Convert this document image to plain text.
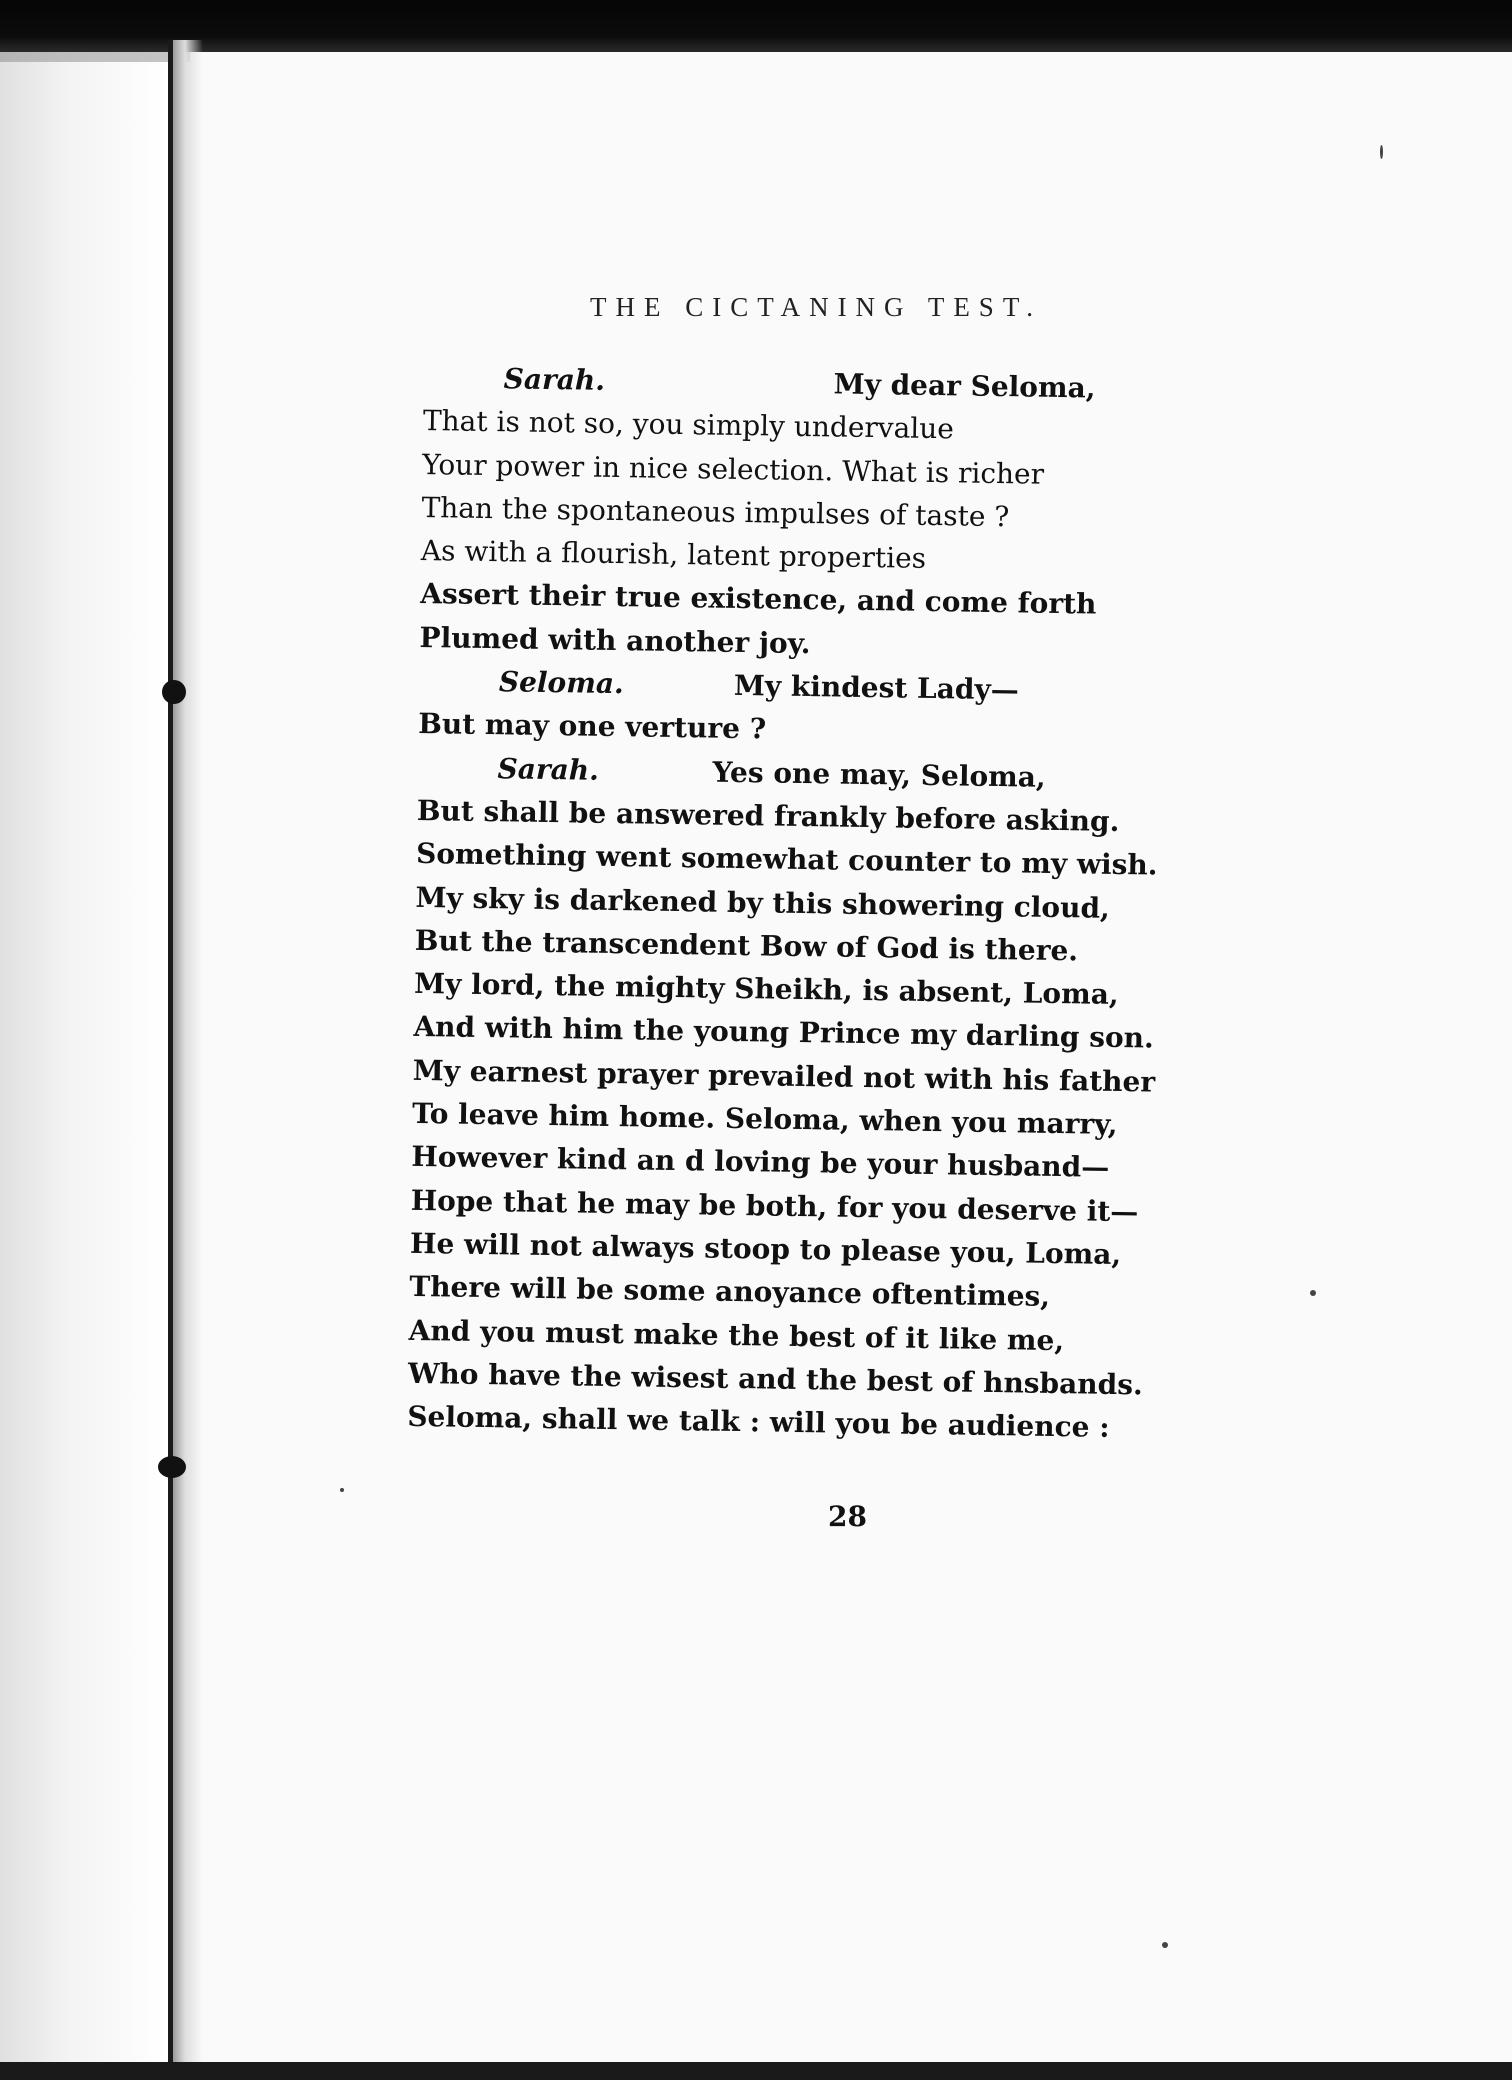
THE CICTANING TEST.
Sarah.	My dear Seloma,
That is not so, you simply undervalue
Your power in nice selection. What is richer
Than the spontaneous impulses of taste ?
As with a flourish, latent properties
Assert their true existence, and come forth
Plumed with another joy.
Seloma.	My kindest Lady—
But may one verture ?
Sarah.	Yes one may, Seloma,
But shall be answered frankly before asking.
Something went somewhat counter to my wish.
My sky is darkened by this showering cloud,
But the transcendent Bow of God is there.
My lord, the mighty Sheikh, is absent, Loma,
And with him the young Prince my darling son.
My earnest prayer prevailed not with his father
To leave him home. Seloma, when you marry,
However kind an d loving be your husband—
Hope that he may be both, for you deserve it—
He will not always stoop to please you, Loma,
There will be some anoyance oftentimes,
And you must make the best of it like me,
Who have the wisest and the best of hnsbands.
Seloma, shall we talk : will you be audience :
28
